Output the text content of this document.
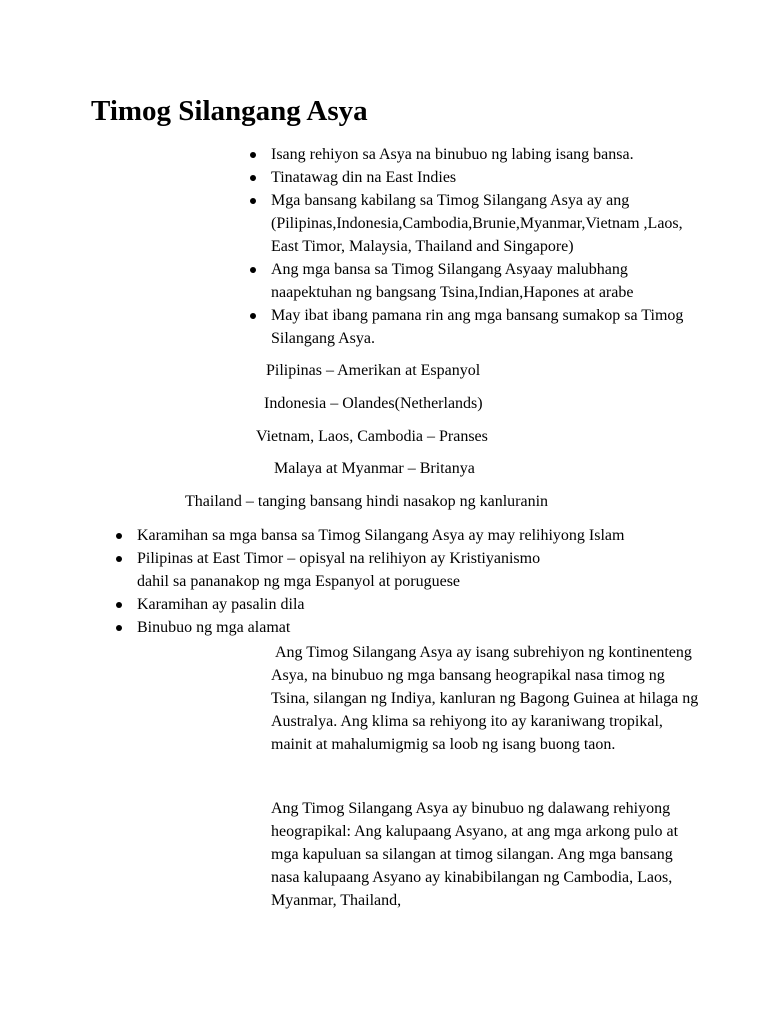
Timog Silangang Asya
Isang rehiyon sa Asya na binubuo ng labing isang bansa.
Tinatawag din na East Indies
Mga bansang kabilang sa Timog Silangang Asya ay ang (Pilipinas,Indonesia,Cambodia,Brunie,Myanmar,Vietnam ,Laos, East Timor, Malaysia, Thailand and Singapore)
Ang mga bansa sa Timog Silangang Asyaay malubhang naapektuhan ng bangsang Tsina,Indian,Hapones at arabe
May ibat ibang pamana rin ang mga bansang sumakop sa Timog Silangang Asya.

Pilipinas – Amerikan at Espanyol

Indonesia – Olandes(Netherlands)

Vietnam, Laos, Cambodia – Pranses

Malaya at Myanmar – Britanya

Thailand – tanging bansang hindi nasakop ng kanluranin

Karamihan sa mga bansa sa Timog Silangang Asya ay may relihiyong Islam
Pilipinas at East Timor – opisyal na relihiyon ay Kristiyanismo dahil sa pananakop ng mga Espanyol at poruguese
Karamihan ay pasalin dila
Binubuo ng mga alamat

Ang Timog Silangang Asya ay isang subrehiyon ng kontinenteng Asya, na binubuo ng mga bansang heograpikal nasa timog ng Tsina, silangan ng Indiya, kanluran ng Bagong Guinea at hilaga ng Australya. Ang klima sa rehiyong ito ay karaniwang tropikal, mainit at mahalumigmig sa loob ng isang buong taon.

Ang Timog Silangang Asya ay binubuo ng dalawang rehiyong heograpikal: Ang kalupaang Asyano, at ang mga arkong pulo at mga kapuluan sa silangan at timog silangan. Ang mga bansang nasa kalupaang Asyano ay kinabibilangan ng Cambodia, Laos, Myanmar, Thailand,
